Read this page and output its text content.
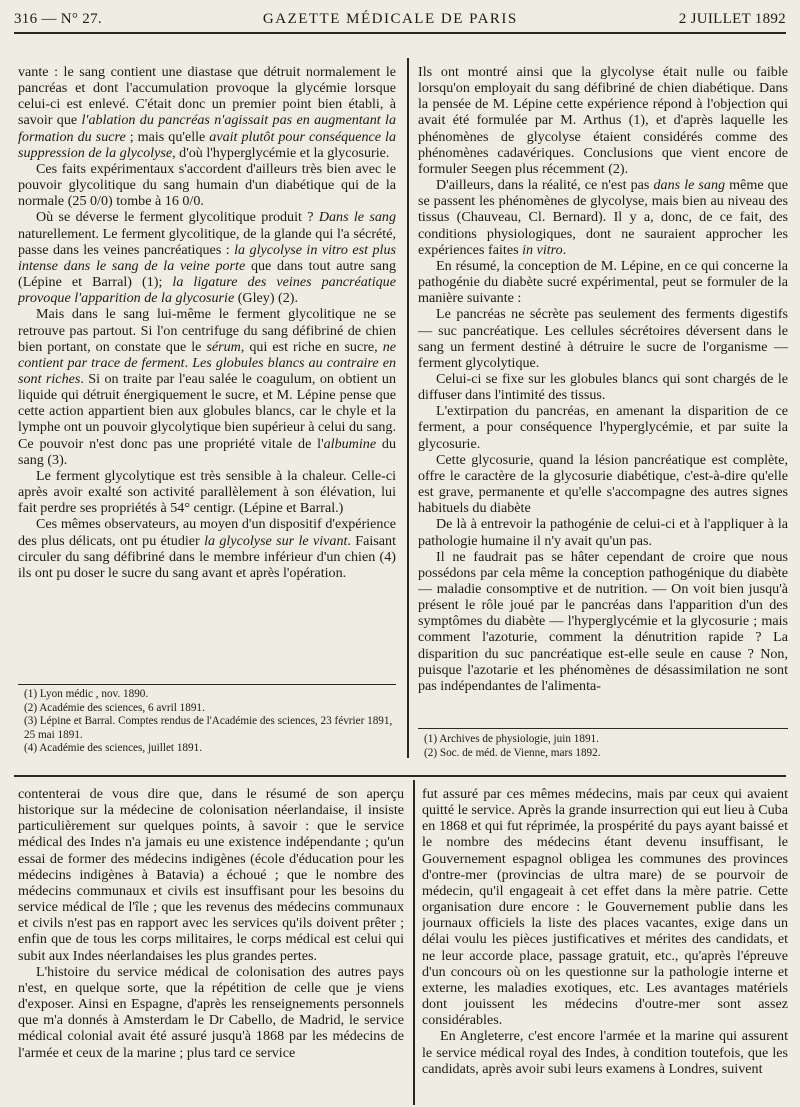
316 — N° 27.	GAZETTE MÉDICALE DE PARIS	2 JUILLET 1892

vante : le sang contient une diastase que détruit normalement le pancréas et dont l'accumulation provoque la glycémie lorsque celui-ci est enlevé. C'était donc un premier point bien établi, à savoir que l'ablation du pancréas n'agissait pas en augmentant la formation du sucre ; mais qu'elle avait plutôt pour conséquence la suppression de la glycolyse, d'où l'hyperglycémie et la glycosurie.

Ces faits expérimentaux s'accordent d'ailleurs très bien avec le pouvoir glycolitique du sang humain d'un diabétique qui de la normale (25 0/0) tombe à 16 0/0.

Où se déverse le ferment glycolitique produit ? Dans le sang naturellement. Le ferment glycolitique, de la glande qui l'a sécrété, passe dans les veines pancréatiques : la glycolyse in vitro est plus intense dans le sang de la veine porte que dans tout autre sang (Lépine et Barral) (1); la ligature des veines pancréatique provoque l'apparition de la glycosurie (Gley) (2).

Mais dans le sang lui-même le ferment glycolitique ne se retrouve pas partout. Si l'on centrifuge du sang défibriné de chien bien portant, on constate que le sérum, qui est riche en sucre, ne contient par trace de ferment. Les globules blancs au contraire en sont riches. Si on traite par l'eau salée le coagulum, on obtient un liquide qui détruit énergiquement le sucre, et M. Lépine pense que cette action appartient bien aux globules blancs, car le chyle et la lymphe ont un pouvoir glycolytique bien supérieur à celui du sang. Ce pouvoir n'est donc pas une propriété vitale de l'albumine du sang (3).

Le ferment glycolytique est très sensible à la chaleur. Celle-ci après avoir exalté son activité parallèlement à son élévation, lui fait perdre ses propriétés à 54° centigr. (Lépine et Barral.)

Ces mêmes observateurs, au moyen d'un dispositif d'expérience des plus délicats, ont pu étudier la glycolyse sur le vivant. Faisant circuler du sang défibriné dans le membre inférieur d'un chien (4) ils ont pu doser le sucre du sang avant et après l'opération.

(1) Lyon médic , nov. 1890.
(2) Académie des sciences, 6 avril 1891.
(3) Lépine et Barral. Comptes rendus de l'Académie des sciences, 23 février 1891, 25 mai 1891.
(4) Académie des sciences, juillet 1891.

Ils ont montré ainsi que la glycolyse était nulle ou faible lorsqu'on employait du sang défibriné de chien diabétique. Dans la pensée de M. Lépine cette expérience répond à l'objection qui avait été formulée par M. Arthus (1), et d'après laquelle les phénomènes de glycolyse étaient considérés comme des phénomènes cadavériques. Conclusions que vient encore de formuler Seegen plus récemment (2).

D'ailleurs, dans la réalité, ce n'est pas dans le sang même que se passent les phénomènes de glycolyse, mais bien au niveau des tissus (Chauveau, Cl. Bernard). Il y a, donc, de ce fait, des conditions physiologiques, dont ne sauraient approcher les expériences faites in vitro.

En résumé, la conception de M. Lépine, en ce qui concerne la pathogénie du diabète sucré expérimental, peut se formuler de la manière suivante :

Le pancréas ne sécrète pas seulement des ferments digestifs — suc pancréatique. Les cellules sécrétoires déversent dans le sang un ferment destiné à détruire le sucre de l'organisme — ferment glycolytique.

Celui-ci se fixe sur les globules blancs qui sont chargés de le diffuser dans l'intimité des tissus.

L'extirpation du pancréas, en amenant la disparition de ce ferment, a pour conséquence l'hyperglycémie, et par suite la glycosurie.

Cette glycosurie, quand la lésion pancréatique est complète, offre le caractère de la glycosurie diabétique, c'est-à-dire qu'elle est grave, permanente et qu'elle s'accompagne des autres signes habituels du diabète

De là à entrevoir la pathogénie de celui-ci et à l'appliquer à la pathologie humaine il n'y avait qu'un pas.

Il ne faudrait pas se hâter cependant de croire que nous possédons par cela même la conception pathogénique du diabète — maladie consomptive et de nutrition. — On voit bien jusqu'à présent le rôle joué par le pancréas dans l'apparition d'un des symptômes du diabète — l'hyperglycémie et la glycosurie ; mais comment l'azoturie, comment la dénutrition rapide ? La disparition du suc pancréatique est-elle seule en cause ? Non, puisque l'azotarie et les phénomènes de désassimilation ne sont pas indépendantes de l'alimenta-

(1) Archives de physiologie, juin 1891.
(2) Soc. de méd. de Vienne, mars 1892.

contenterai de vous dire que, dans le résumé de son aperçu historique sur la médecine de colonisation néerlandaise, il insiste particulièrement sur quelques points, à savoir : que le service médical des Indes n'a jamais eu une existence indépendante ; qu'un essai de former des médecins indigènes (école d'éducation pour les médecins indigènes à Batavia) a échoué ; que le nombre des médecins communaux et civils est insuffisant pour les besoins du service médical de l'île ; que les revenus des médecins communaux et civils n'est pas en rapport avec les services qu'ils doivent prêter ; enfin que de tous les corps militaires, le corps médical est celui qui subit aux Indes néerlandaises les plus grandes pertes.

L'histoire du service médical de colonisation des autres pays n'est, en quelque sorte, que la répétition de celle que je viens d'exposer. Ainsi en Espagne, d'après les renseignements personnels que m'a donnés à Amsterdam le Dr Cabello, de Madrid, le service médical colonial avait été assuré jusqu'à 1868 par les médecins de l'armée et ceux de la marine ; plus tard ce service

fut assuré par ces mêmes médecins, mais par ceux qui avaient quitté le service. Après la grande insurrection qui eut lieu à Cuba en 1868 et qui fut réprimée, la prospérité du pays ayant baissé et le nombre des médecins étant devenu insuffisant, le Gouvernement espagnol obligea les communes des provinces d'ontre-mer (provincias de ultra mare) de se pourvoir de médecin, qu'il engageait à cet effet dans la mère patrie. Cette organisation dure encore : le Gouvernement publie dans les journaux officiels la liste des places vacantes, exige dans un délai voulu les pièces justificatives et mérites des candidats, et ne leur accorde place, passage gratuit, etc., qu'après l'épreuve d'un concours où on les questionne sur la pathologie interne et externe, les maladies exotiques, etc. Les avantages matériels dont jouissent les médecins d'outre-mer sont assez considérables.

En Angleterre, c'est encore l'armée et la marine qui assurent le service médical royal des Indes, à condition toutefois, que les candidats, après avoir subi leurs examens à Londres, suivent
